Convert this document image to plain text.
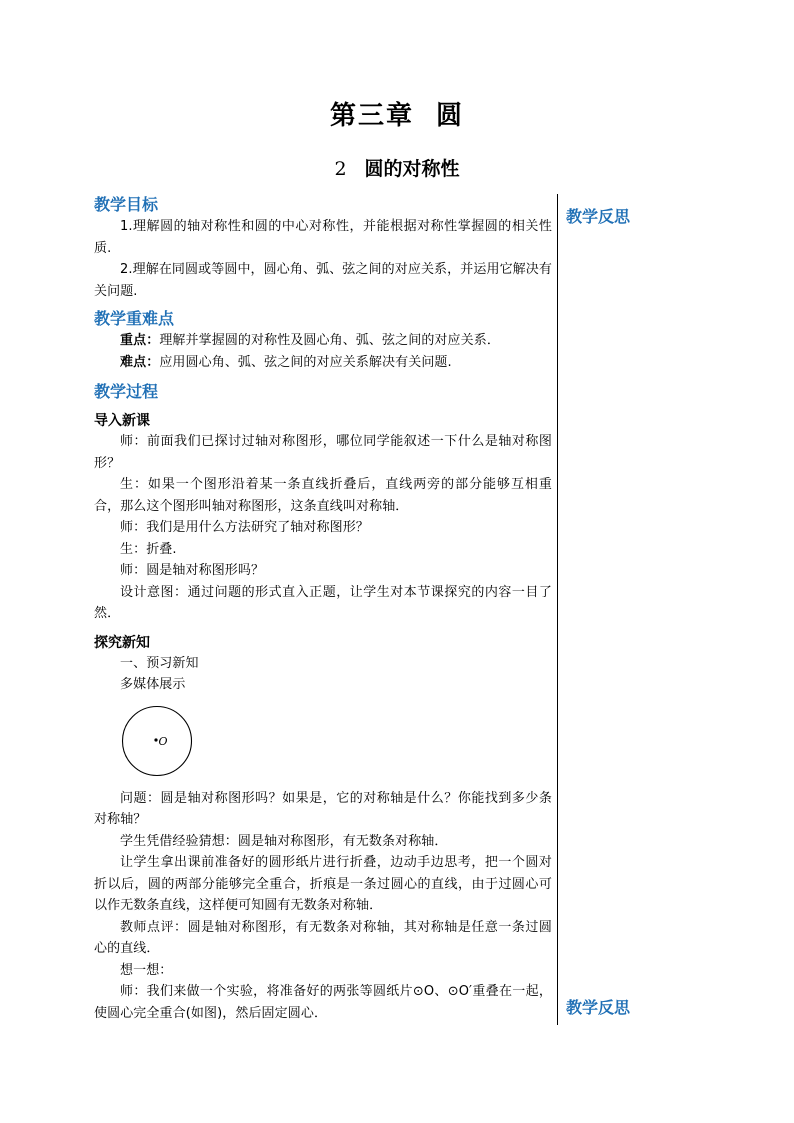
第三章 圆
2 圆的对称性
教学反思
教学反思
教学目标

1.理解圆的轴对称性和圆的中心对称性，并能根据对称性掌握圆的相关性质.

2.理解在同圆或等圆中，圆心角、弧、弦之间的对应关系，并运用它解决有关问题.

教学重难点

重点：理解并掌握圆的对称性及圆心角、弧、弦之间的对应关系．

难点：应用圆心角、弧、弦之间的对应关系解决有关问题.

教学过程
导入新课

师：前面我们已探讨过轴对称图形，哪位同学能叙述一下什么是轴对称图形？

生：如果一个图形沿着某一条直线折叠后，直线两旁的部分能够互相重合，那么这个图形叫轴对称图形，这条直线叫对称轴．

师：我们是用什么方法研究了轴对称图形？

生：折叠.

师：圆是轴对称图形吗？

设计意图：通过问题的形式直入正题，让学生对本节课探究的内容一目了然．

探究新知

一、预习新知

多媒体展示

O

问题：圆是轴对称图形吗？如果是，它的对称轴是什么？你能找到多少条对称轴？

学生凭借经验猜想：圆是轴对称图形，有无数条对称轴．

让学生拿出课前准备好的圆形纸片进行折叠，边动手边思考，把一个圆对折以后，圆的两部分能够完全重合，折痕是一条过圆心的直线，由于过圆心可以作无数条直线，这样便可知圆有无数条对称轴．

教师点评：圆是轴对称图形，有无数条对称轴，其对称轴是任意一条过圆心的直线．

想一想：

师：我们来做一个实验，将准备好的两张等圆纸片⊙O、⊙O′重叠在一起，使圆心完全重合(如图)，然后固定圆心．
